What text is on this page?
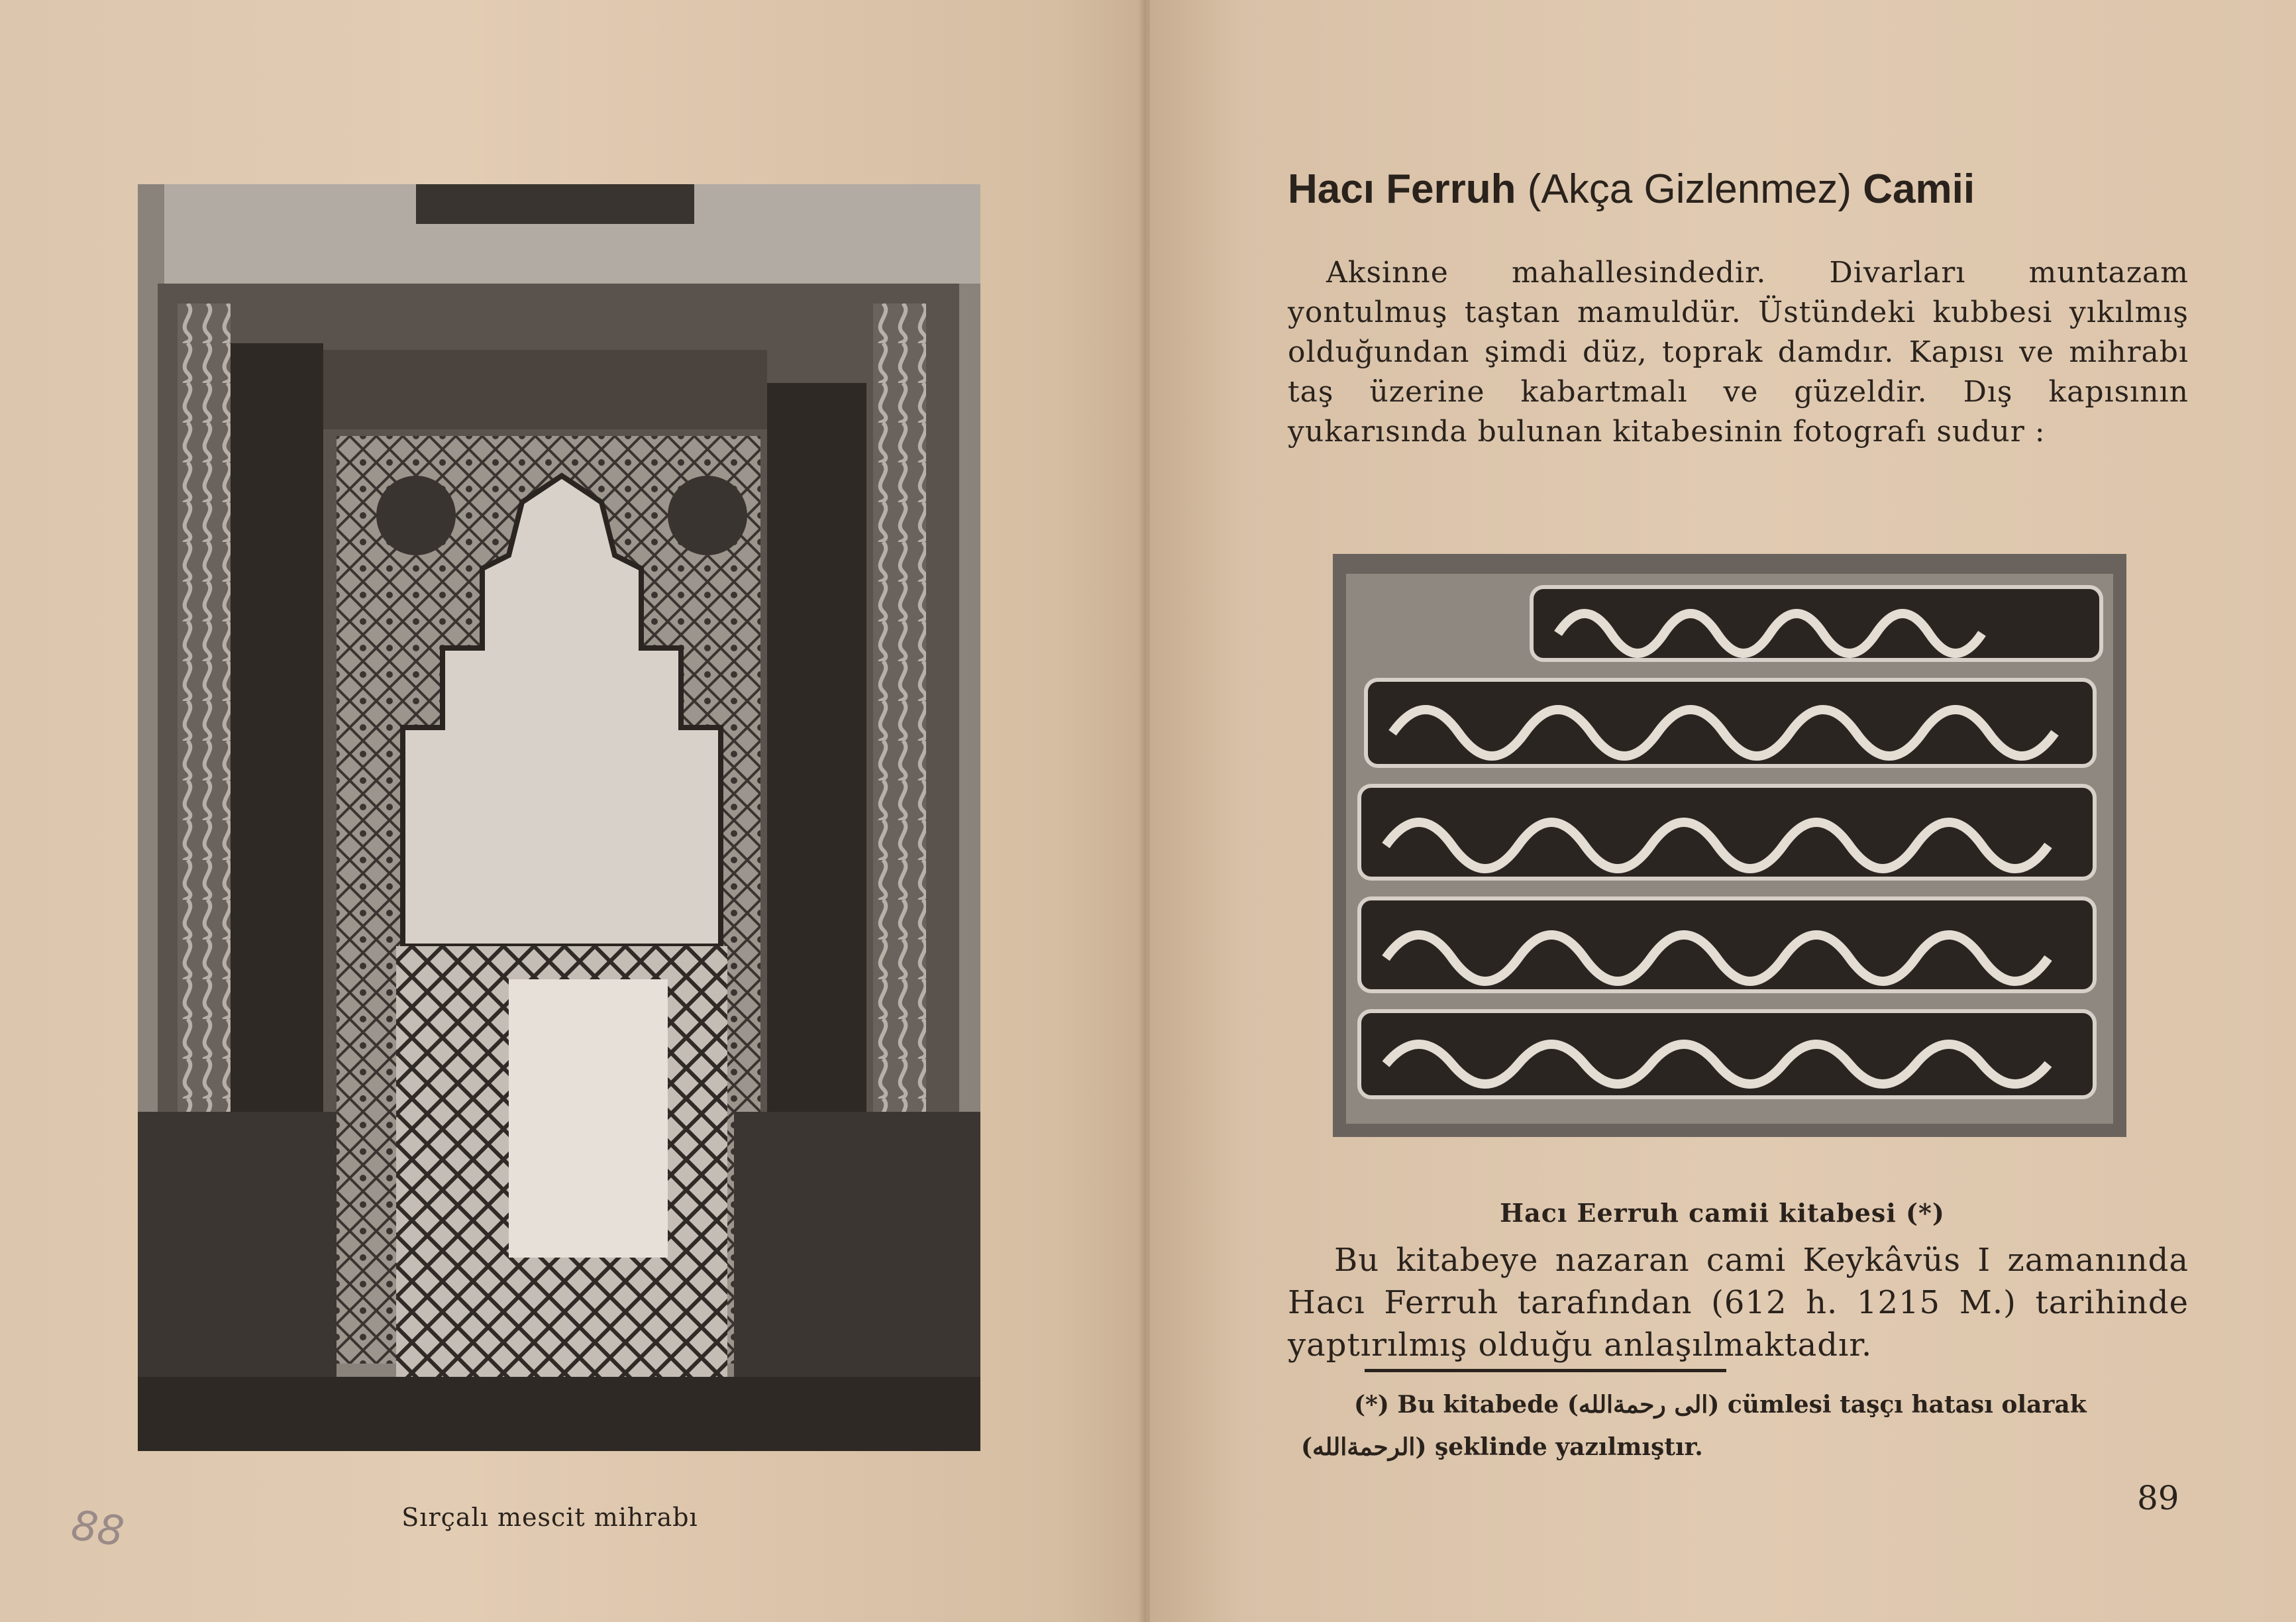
Sırçalı mescit mihrabı
88
Hacı Ferruh (Akça Gizlenmez) Camii

Aksinne mahallesindedir. Divarları muntazam yontulmuş taştan mamuldür. Üstündeki kubbesi yıkılmış olduğundan şimdi düz, toprak damdır. Kapısı ve mihrabı taş üzerine kabartmalı ve güzeldir. Dış kapısının yukarısında bulunan kitabesinin fotografı sudur :

Hacı Eerruh camii kitabesi (*)

Bu kitabeye nazaran cami Keykâvüs I zamanında Hacı Ferruh tarafından (612 h. 1215 M.) tarihinde yaptırılmış olduğu anlaşılmaktadır.

(*) Bu kitabede (الی رحمةالله) cümlesi taşçı hatası olarak

(الرحمةالله) şeklinde yazılmıştır.

89
